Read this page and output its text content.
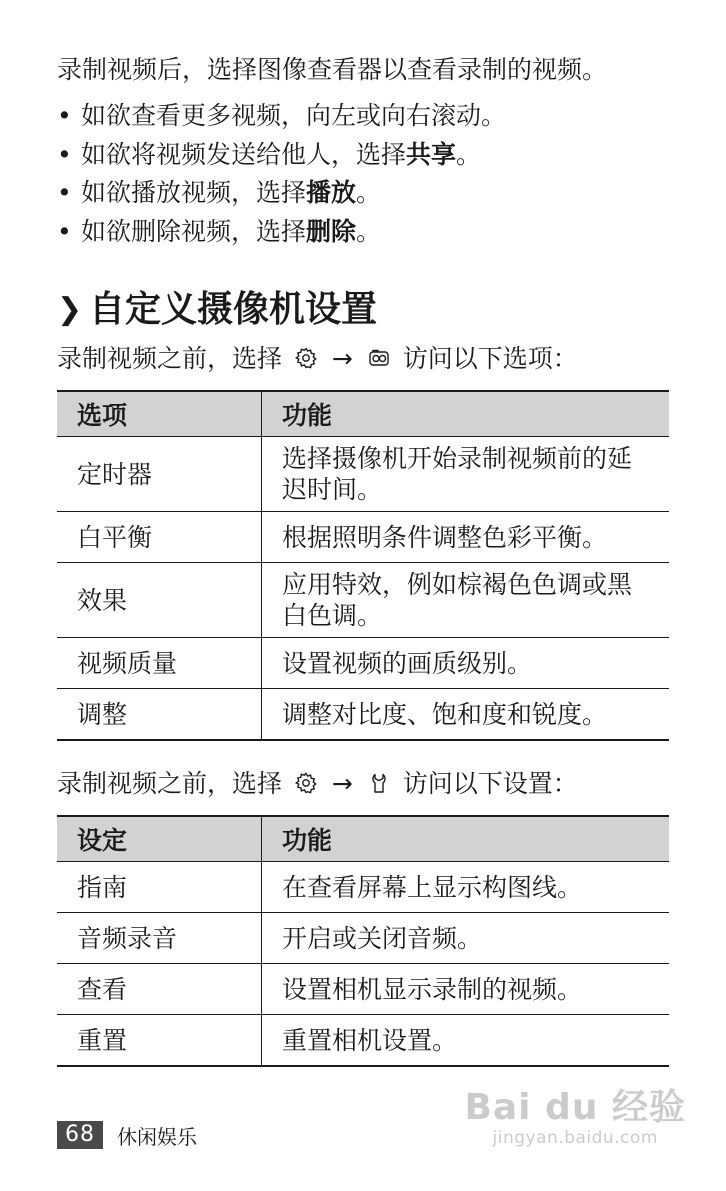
录制视频后，选择图像查看器以查看录制的视频。
• 如欲查看更多视频，向左或向右滚动。
• 如欲将视频发送给他人，选择共享。
• 如欲播放视频，选择播放。
• 如欲删除视频，选择删除。
❯ 自定义摄像机设置
录制视频之前，选择 → 访问以下选项：
选项	功能
定时器	选择摄像机开始录制视频前的延迟时间。
白平衡	根据照明条件调整色彩平衡。
效果	应用特效，例如棕褐色色调或黑白色调。
视频质量	设置视频的画质级别。
调整	调整对比度、饱和度和锐度。
录制视频之前，选择 → 访问以下设置：
设定	功能
指南	在查看屏幕上显示构图线。
音频录音	开启或关闭音频。
查看	设置相机显示录制的视频。
重置	重置相机设置。
68	休闲娱乐
Bai du 经验
jingyan.baidu.com
